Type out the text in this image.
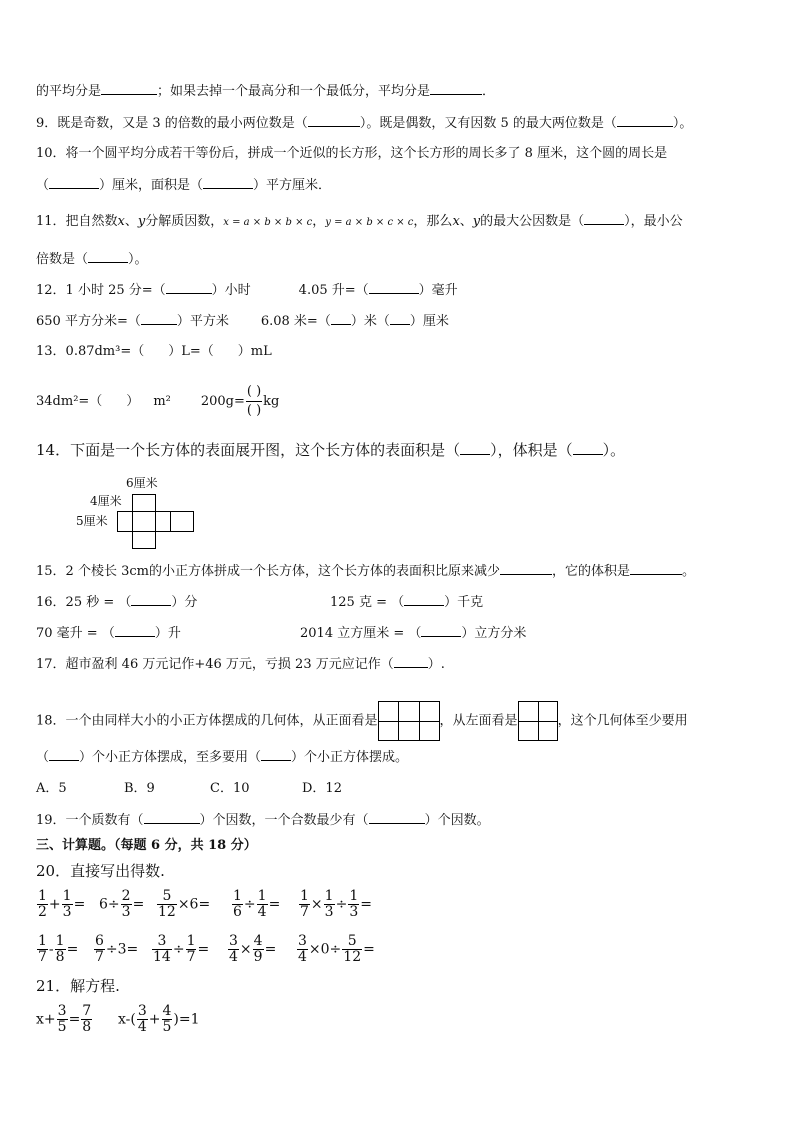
的平均分是	；如果去掉一个最高分和一个最低分，平均分是	．
9．既是奇数，又是 3 的倍数的最小两位数是（	）。既是偶数，又有因数 5 的最大两位数是（	）。
10．将一个圆平均分成若干等份后，拼成一个近似的长方形，这个长方形的周长多了 8 厘米，这个圆的周长是
（	）厘米，面积是（	）平方厘米．
11．把自然数x、y分解质因数，x = a × b × b × c，y = a × b × c × c，那么x、y的最大公因数是（	），最小公
倍数是（	）。
12．1 小时 25 分=（	）小时	4.05 升=（	）毫升
650 平方分米=（	）平方米 6.08 米=（ ）米（ ）厘米
13．0.87dm³=（ ）L=（ ）mL
34dm²=（ ） m² $200g= \frac{( )}{( )}$ kg
14．下面是一个长方体的表面展开图，这个长方体的表面积是（ ），体积是（ ）。
6厘米
4厘米
5厘米
15．2 个棱长 3cm的小正方体拼成一个长方体，这个长方体的表面积比原来减少	，它的体积是	。
16．25 秒 = （	）分	125 克 = （	）千克
70 毫升 = （	）升	2014 立方厘米 = （	）立方分米
17．超市盈利 46 万元记作+46 万元，亏损 23 万元应记作（	）.
18．一个由同样大小的小正方体摆成的几何体，从正面看是	，从左面看是	，这个几何体至少要用
（ ）个小正方体摆成，至多要用（ ）个小正方体摆成。
A．5	B．9	C．10	D．12
19．一个质数有（	）个因数，一个合数最少有（	）个因数。
三、计算题。（每题 6 分，共 18 分）
20．直接写出得数.
$\frac{1}{2} + \frac{1}{3} = 6\div \frac{2}{3} = \frac{5}{12} \times 6= \frac{1}{6} \div \frac{1}{4} = \frac{1}{7} \times \frac{1}{3} \div \frac{1}{3}$ =
$\frac{1}{7} - \frac{1}{8} = \frac{6}{7} \div 3= \frac{3}{14} \div \frac{1}{7} = \frac{3}{4} \times \frac{4}{9} = \frac{3}{4} \times 0\div \frac{5}{12}$ =
21．解方程.
$x+ \frac{3}{5} = \frac{7}{8} x-( \frac{3}{4} + \frac{4}{5} )=1$
